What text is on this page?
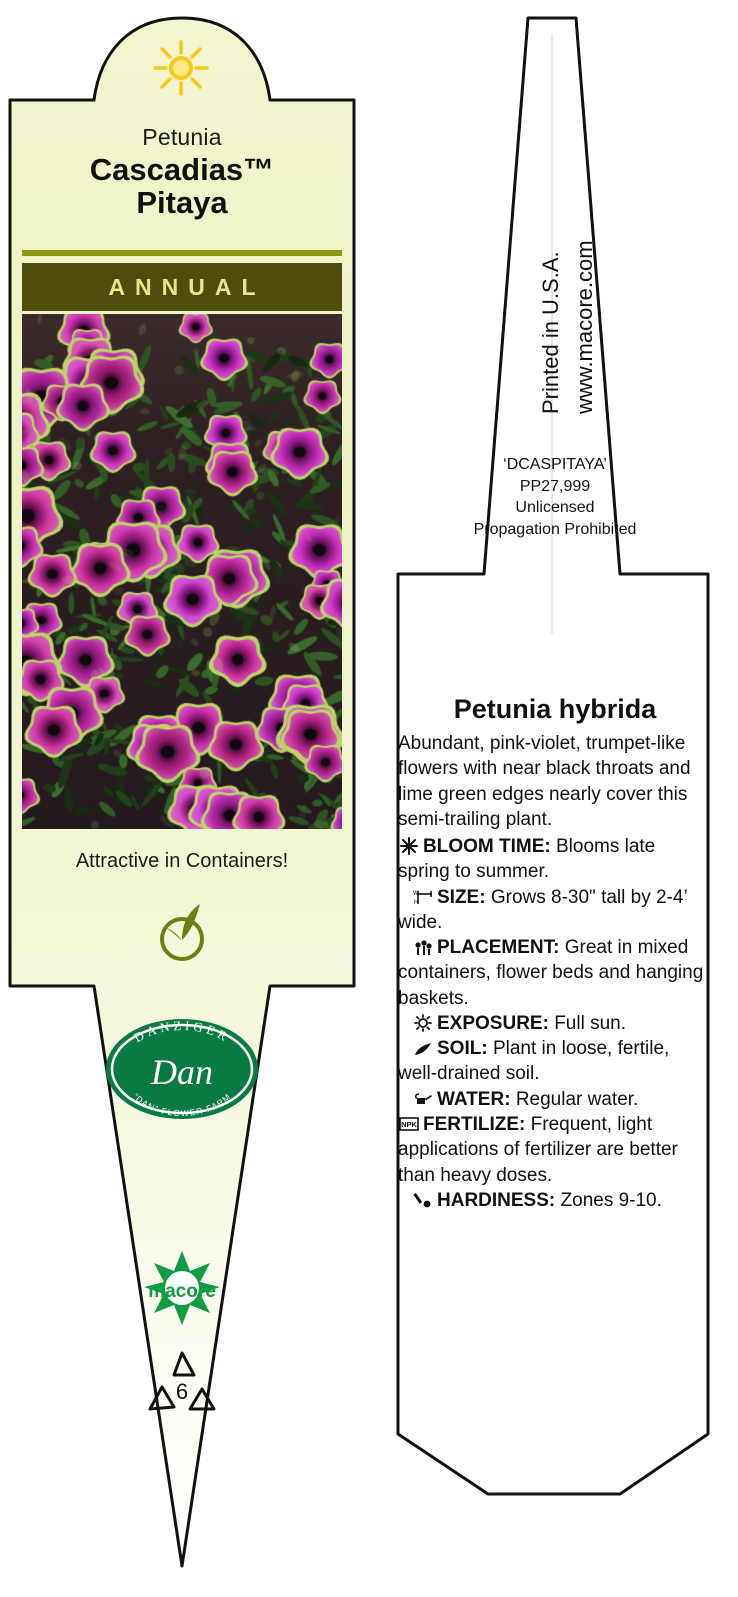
Petunia
Cascadias™
Pitaya
ANNUAL
Attractive in Containers!
DANZIGER
Dan
“DAN” FLOWER FARM
macore
6
Printed in U.S.A. www.macore.com
‘DCASPITAYA’
PP27,999
Unlicensed
Propagation Prohibited
Petunia hybrida

Abundant, pink-violet, trumpet-like flowers with near black throats and lime green edges nearly cover this semi-trailing plant.

BLOOM TIME: Blooms late spring to summer.

W
H SIZE: Grows 8-30" tall by 2-4’ wide.

PLACEMENT: Great in mixed containers, flower beds and hanging baskets.

EXPOSURE: Full sun.

SOIL: Plant in loose, fertile, well-drained soil.

WATER: Regular water.

NPK FERTILIZE: Frequent, light applications of fertilizer are better than heavy doses.

HARDINESS: Zones 9-10.
